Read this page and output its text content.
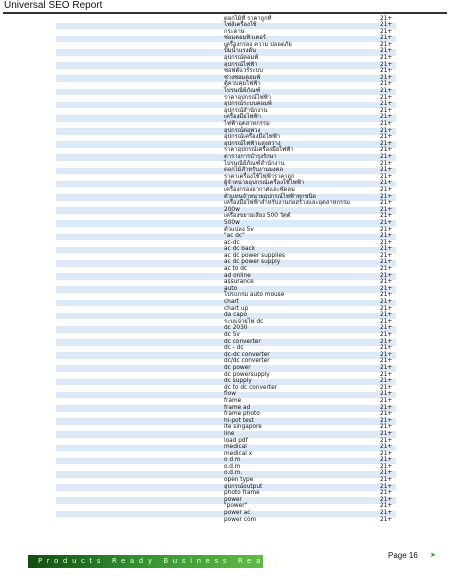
Universal SEO Report
ดอกไม้ที่ ราคาถูกที่	21+
ไฟล์เครื่องใช้	21+
กระดาษ	21+
ซ่อมคอมพิวเตอร์	21+
เครื่องกรอง ความ ปลอดภัย	21+
ปั๊มน้ำแรงดัน	21+
อุปกรณ์คอมพ์	21+
อุปกรณ์ไฟฟ้า	21+
ซอฟต์แวร์ระบบ	21+
ช่างซ่อมคอมพ์	21+
ตู้ควบคุมไฟฟ้า	21+
ไปรษณีย์ภัณฑ์	21+
ราคาอุปกรณ์ไฟฟ้า	21+
อุปกรณ์ระบบคอมพ์	21+
อุปกรณ์สำนักงาน	21+
เครื่องมือไฟฟ้า	21+
ไฟฟ้าอุตสาหกรรม	21+
อุปกรณ์ต่อพ่วง	21+
อุปกรณ์เครื่องมือไฟฟ้า	21+
อุปกรณ์ไฟฟ้าแสงสว่าง	21+
ราคาอุปกรณ์เครื่องมือไฟฟ้า	21+
ตารางการบำรุงรักษา	21+
ไปรษณีย์ภัณฑ์สำนักงาน	21+
ดอกไม้สำหรับงานมงคล	21+
ราคาเครื่องใช้ไฟฟ้าราคาถูก	21+
ผู้จำหน่ายอุปกรณ์เครื่องใช้ไฟฟ้า	21+
เครื่องกรองอากาศและพัดลม	21+
ตัวแทนจำหน่ายอุปกรณ์ไฟฟ้าทุกชนิด	21+
เครื่องมือไฟฟ้าสำหรับงานก่อสร้างและอุตสาหกรรม	21+
200w	21+
เครื่องขยายเสียง 500 วัตต์	21+
500w	21+
ตัวแปลง 5v	21+
"ac dc"	21+
ac-dc	21+
ac dc back	21+
ac dc power supplies	21+
ac dc power supply	21+
ac to dc	21+
ad online	21+
assurance	21+
auto	21+
โปรแกรม auto mouse	21+
chart	21+
chart up	21+
da capo	21+
ระบบจ่ายไฟ dc	21+
dc 2030	21+
dc 5v	21+
dc converter	21+
dc - dc	21+
dc-dc converter	21+
dc/dc converter	21+
dc power	21+
dc powersupply	21+
dc supply	21+
dc to dc converter	21+
flow	21+
frame	21+
frame ad	21+
frame photo	21+
hi-pot test	21+
ite singapore	21+
line	21+
load pdf	21+
medical	21+
medical x	21+
o d m	21+
o.d.m	21+
o.d.m.	21+
open type	21+
อุปกรณ์output	21+
photo frame	21+
power	21+
"power"	21+
power ac	21+
power com	21+
Products Ready Business Ready
Page 16 ➤
